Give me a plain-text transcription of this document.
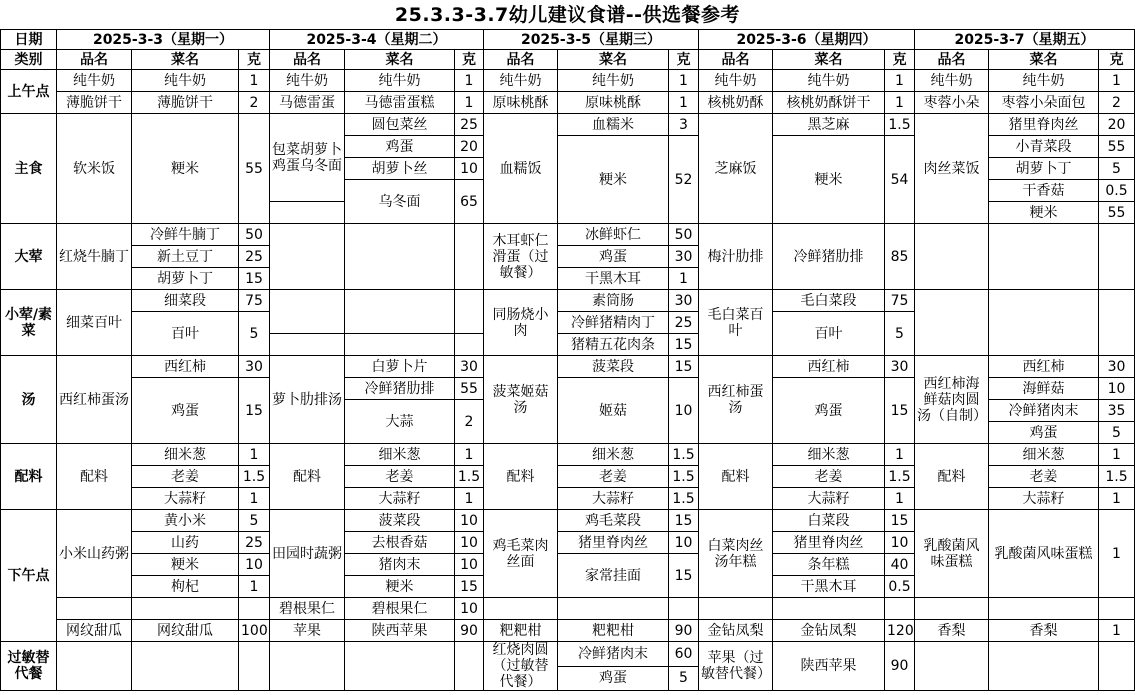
25.3.3-3.7幼儿建议食谱--供选餐参考
日期	2025-3-3（星期一）			2025-3-4（星期二）			2025-3-5（星期三）			2025-3-6（星期四）			2025-3-7（星期五）		
类别	品名	菜名	克	品名	菜名	克	品名	菜名	克	品名	菜名	克	品名	菜名	克
上午点	纯牛奶	纯牛奶	1	纯牛奶	纯牛奶	1	纯牛奶	纯牛奶	1	纯牛奶	纯牛奶	1	纯牛奶	纯牛奶	1
	薄脆饼干	薄脆饼干	2	马德雷蛋	马德雷蛋糕	1	原味桃酥	原味桃酥	1	核桃奶酥	核桃奶酥饼干	1	枣蓉小朵	枣蓉小朵面包	2
主食	软米饭	粳米	55	包菜胡萝卜鸡蛋乌冬面	圆包菜丝	25	血糯饭	血糯米	3	芝麻饭	黑芝麻	1.5	肉丝菜饭	猪里脊肉丝	20
					鸡蛋	20		粳米	52		粳米	54		小青菜段	55
					胡萝卜丝	10								胡萝卜丁	5
					乌冬面	65								干香菇	0.5
														粳米	55
大荤	红烧牛腩丁	冷鲜牛腩丁	50				木耳虾仁滑蛋（过敏餐）	冰鲜虾仁	50	梅汁肋排	冷鲜猪肋排	85			
		新土豆丁	25					鸡蛋	30						
		胡萝卜丁	15					干黑木耳	1						
小荤/素菜	细菜百叶	细菜段	75				同肠烧小肉	素筒肠	30	毛白菜百叶	毛白菜段	75			
		百叶	5					冷鲜猪精肉丁	25		百叶	5			
								猪精五花肉条	15						
汤	西红柿蛋汤	西红柿	30	萝卜肋排汤	白萝卜片	30	菠菜姬菇汤	菠菜段	15	西红柿蛋汤	西红柿	30	西红柿海鲜菇肉圆汤（自制）	西红柿	30
		鸡蛋	15		冷鲜猪肋排	55		姬菇	10		鸡蛋	15		海鲜菇	10
					大蒜	2								冷鲜猪肉末	35
														鸡蛋	5
配料	配料	细米葱	1	配料	细米葱	1	配料	细米葱	1.5	配料	细米葱	1	配料	细米葱	1
		老姜	1.5		老姜	1.5		老姜	1.5		老姜	1.5		老姜	1.5
		大蒜籽	1		大蒜籽	1		大蒜籽	1.5		大蒜籽	1		大蒜籽	1
下午点	小米山药粥	黄小米	5	田园时蔬粥	菠菜段	10	鸡毛菜肉丝面	鸡毛菜段	15	白菜肉丝汤年糕	白菜段	15	乳酸菌风味蛋糕	乳酸菌风味蛋糕	1
		山药	25		去根香菇	10		猪里脊肉丝	10		猪里脊肉丝	10			
		粳米	10		猪肉末	10		家常挂面	15		条年糕	40			
		枸杞	1		粳米	15					干黑木耳	0.5			
				碧根果仁	碧根果仁	10									
	网纹甜瓜	网纹甜瓜	100	苹果	陕西苹果	90	粑粑柑	粑粑柑	90	金钻凤梨	金钻凤梨	120	香梨	香梨	1
过敏替代餐							红烧肉圆（过敏替代餐）	冷鲜猪肉末	60	苹果（过敏替代餐）	陕西苹果	90			
								鸡蛋	5						
